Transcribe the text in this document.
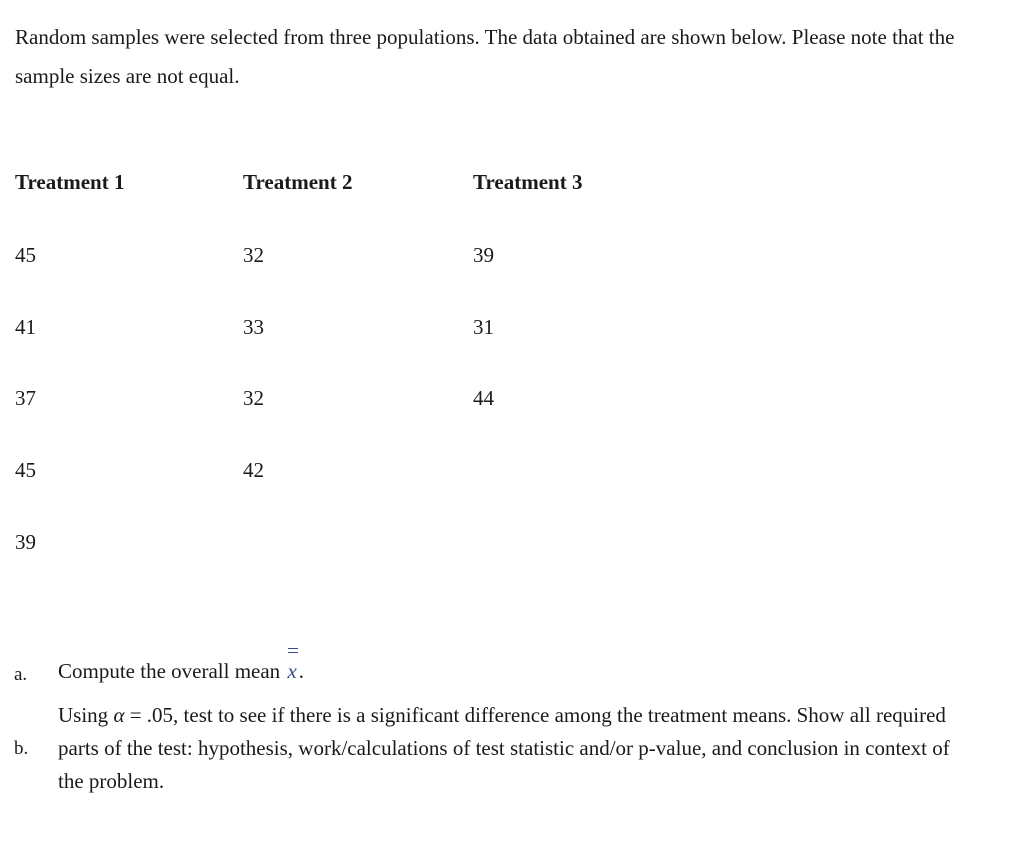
Random samples were selected from three populations. The data obtained are shown below. Please note that the sample sizes are not equal.

Treatment 1	Treatment 2	Treatment 3
45
41
37
45
39
32
33
32
42
39
31
44
a. Compute the overall mean x.
b.
Using α = .05, test to see if there is a significant difference among the treatment means. Show all required parts of the test: hypothesis, work/calculations of test statistic and/or p-value, and conclusion in context of the problem.
